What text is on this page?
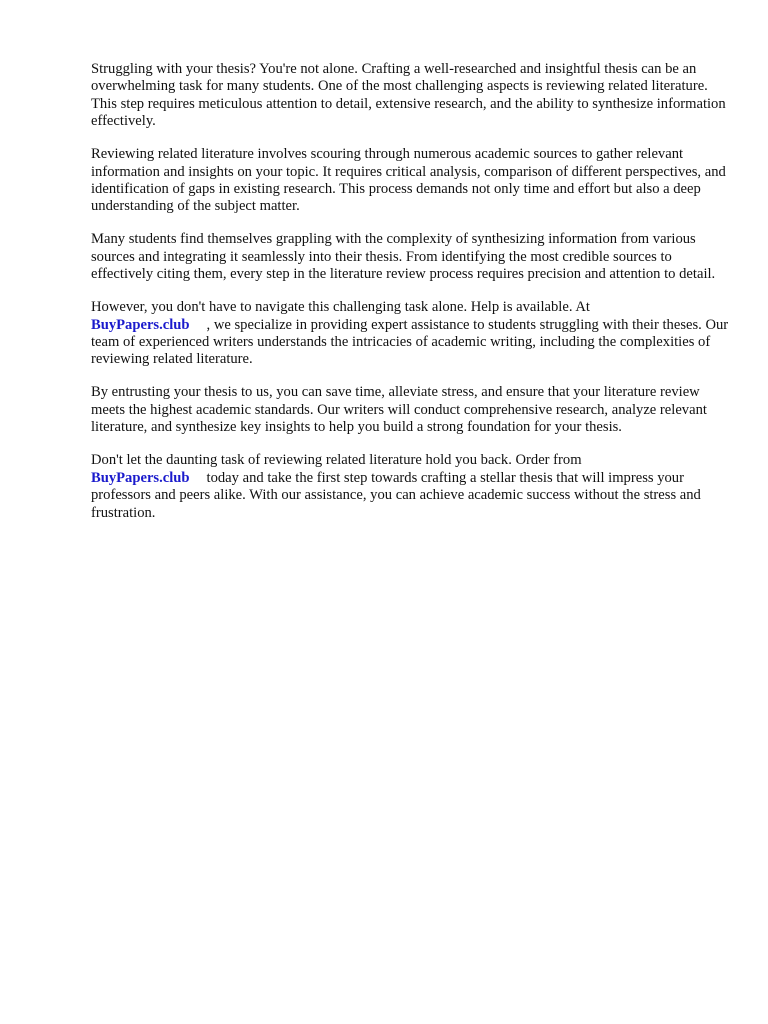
Struggling with your thesis? You're not alone. Crafting a well-researched and insightful thesis can be an overwhelming task for many students. One of the most challenging aspects is reviewing related literature. This step requires meticulous attention to detail, extensive research, and the ability to synthesize information effectively.

Reviewing related literature involves scouring through numerous academic sources to gather relevant information and insights on your topic. It requires critical analysis, comparison of different perspectives, and identification of gaps in existing research. This process demands not only time and effort but also a deep understanding of the subject matter.

Many students find themselves grappling with the complexity of synthesizing information from various sources and integrating it seamlessly into their thesis. From identifying the most credible sources to effectively citing them, every step in the literature review process requires precision and attention to detail.

However, you don't have to navigate this challenging task alone. Help is available. At
BuyPapers.club , we specialize in providing expert assistance to students struggling with their theses. Our team of experienced writers understands the intricacies of academic writing, including the complexities of reviewing related literature.

By entrusting your thesis to us, you can save time, alleviate stress, and ensure that your literature review meets the highest academic standards. Our writers will conduct comprehensive research, analyze relevant literature, and synthesize key insights to help you build a strong foundation for your thesis.

Don't let the daunting task of reviewing related literature hold you back. Order from
BuyPapers.club today and take the first step towards crafting a stellar thesis that will impress your professors and peers alike. With our assistance, you can achieve academic success without the stress and frustration.
